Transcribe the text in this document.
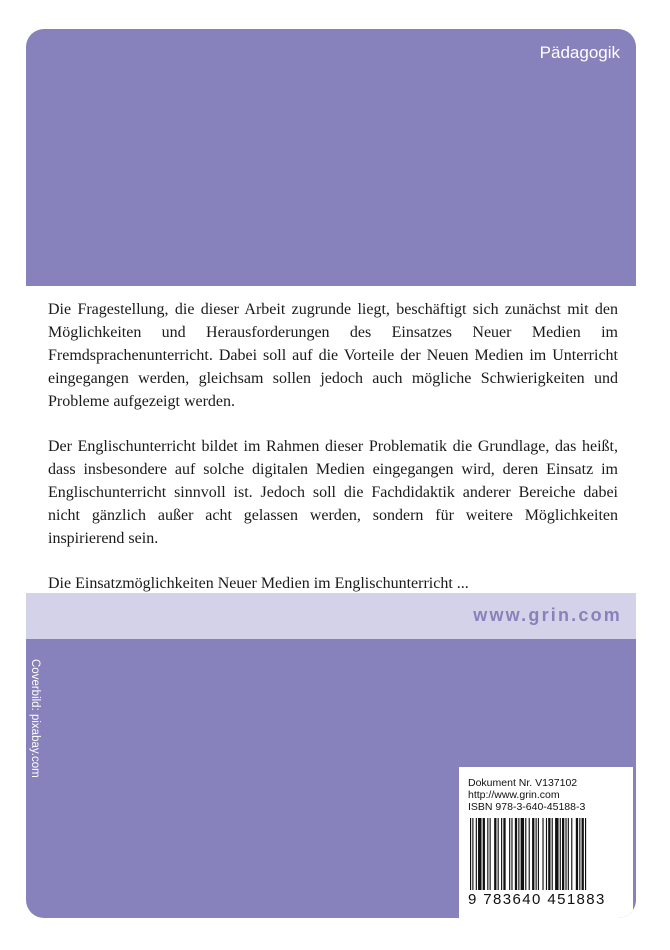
Pädagogik

Die Fragestellung, die dieser Arbeit zugrunde liegt, beschäftigt sich zunächst mit den Möglichkeiten und Herausforderungen des Einsatzes Neuer Medien im Fremdsprachenunterricht. Dabei soll auf die Vorteile der Neuen Medien im Unterricht eingegangen werden, gleichsam sollen jedoch auch mögliche Schwierigkeiten und Probleme aufgezeigt werden.

Der Englischunterricht bildet im Rahmen dieser Problematik die Grundlage, das heißt, dass insbesondere auf solche digitalen Medien eingegangen wird, deren Einsatz im Englischunterricht sinnvoll ist. Jedoch soll die Fachdidaktik anderer Bereiche dabei nicht gänzlich außer acht gelassen werden, sondern für weitere Möglichkeiten inspirierend sein.

Die Einsatzmöglichkeiten Neuer Medien im Englischunterricht ...

www.grin.com
Coverbild: pixabay.com
Dokument Nr. V137102
http://www.grin.com
ISBN 978-3-640-45188-3
9 783640 451883
